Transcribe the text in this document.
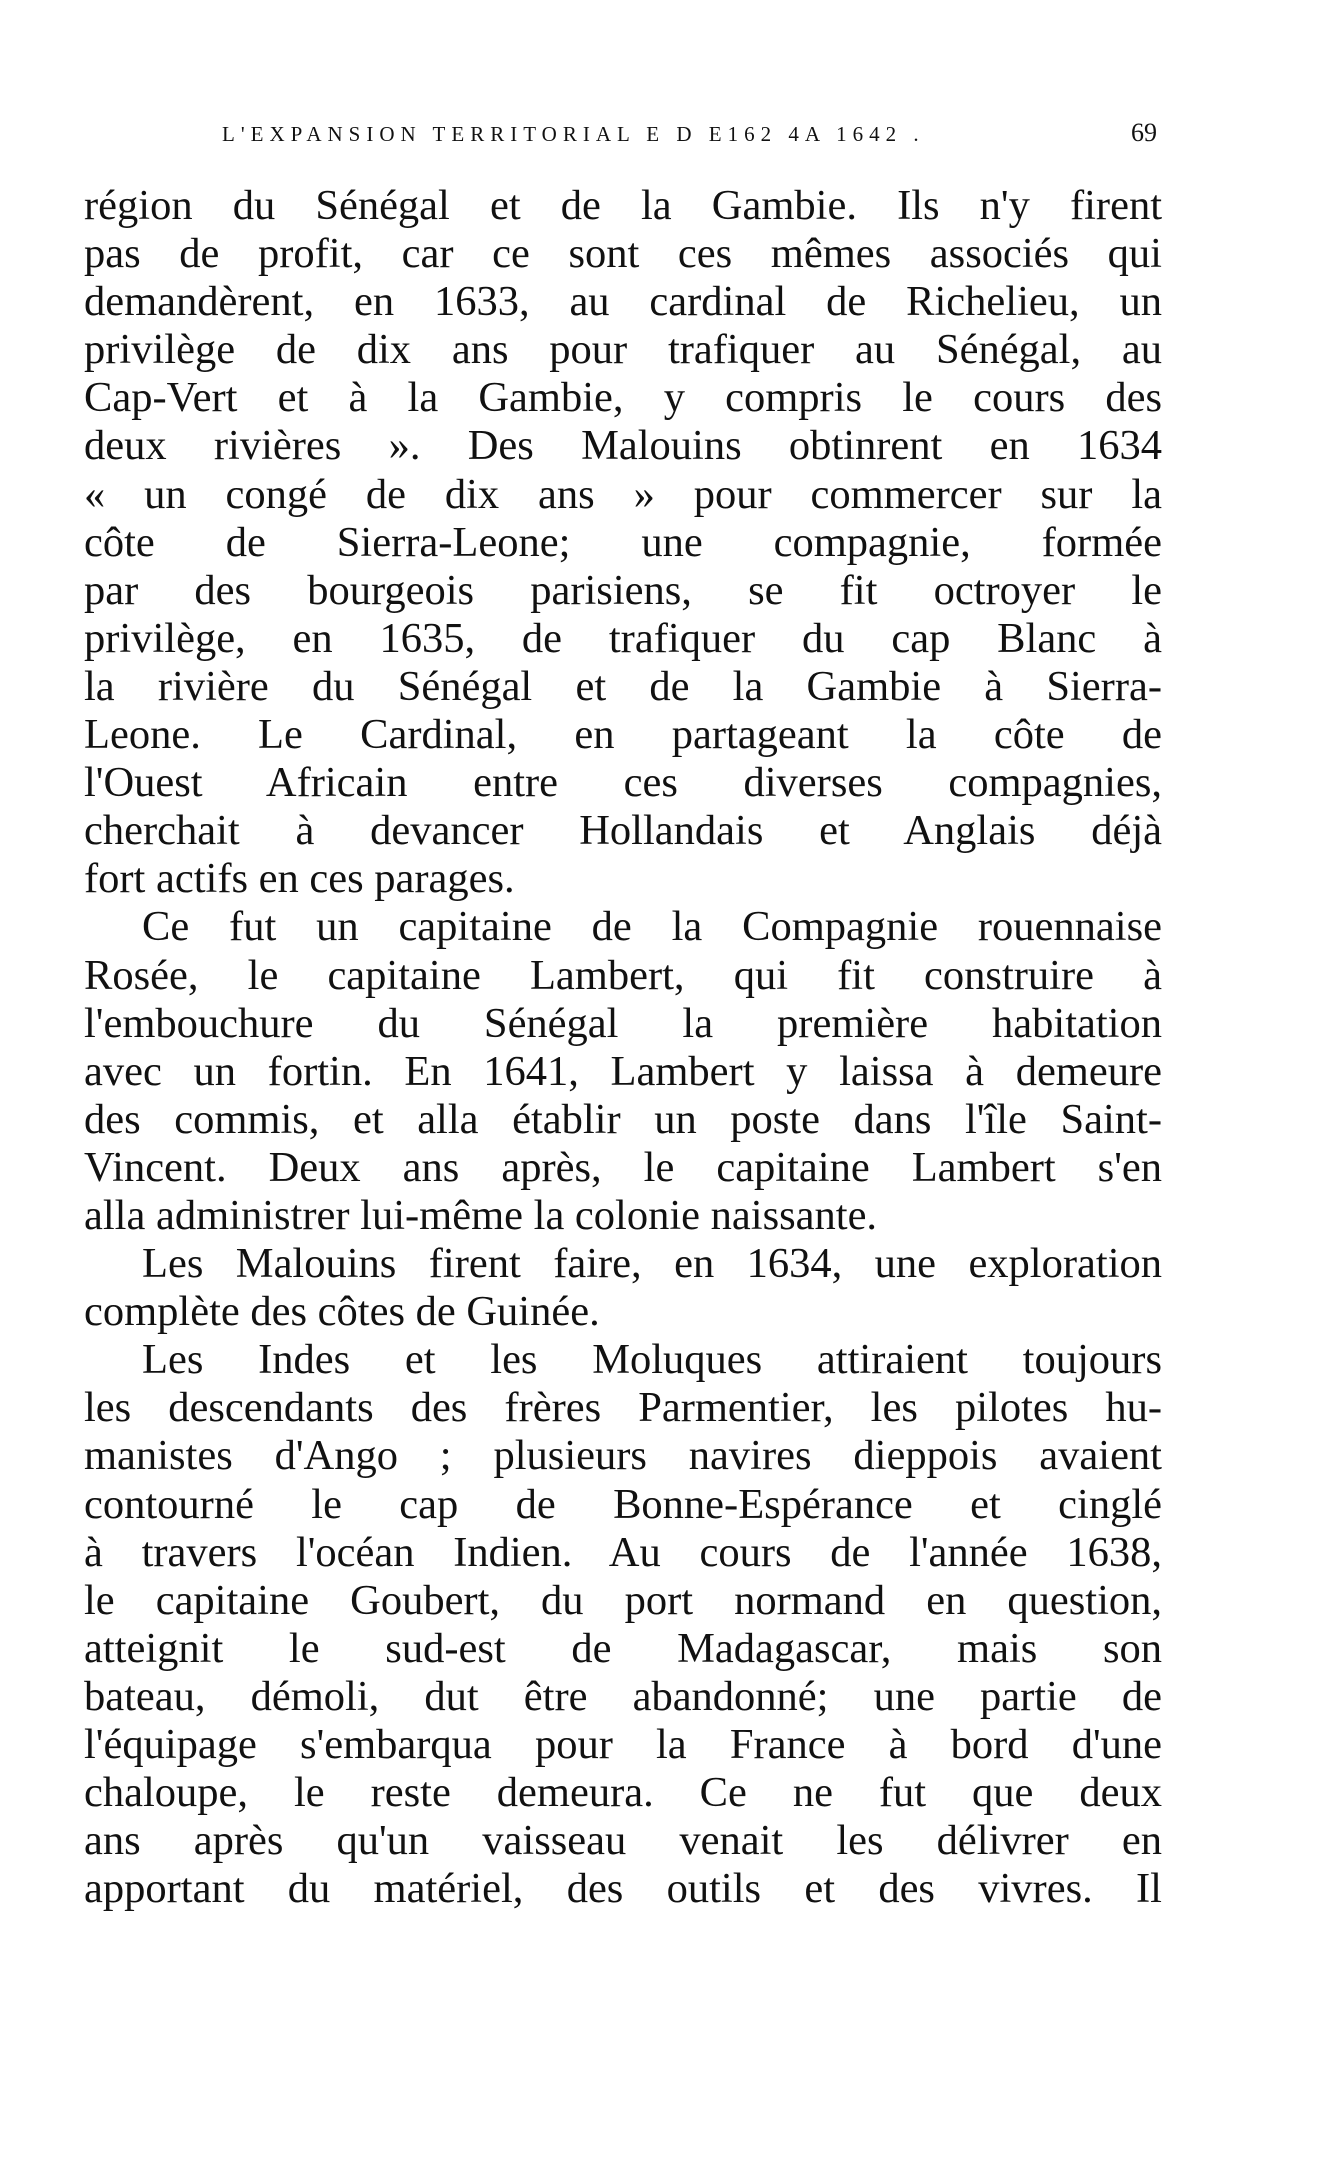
L'EXPANSION TERRITORIAL E D E162 4A 1642 .	69
région du Sénégal et de la Gambie. Ils n'y firent
pas de profit, car ce sont ces mêmes associés qui
demandèrent, en 1633, au cardinal de Richelieu, un
privilège de dix ans pour trafiquer au Sénégal, au
Cap-Vert et à la Gambie, y compris le cours des
deux rivières ». Des Malouins obtinrent en 1634
« un congé de dix ans » pour commercer sur la
côte de Sierra-Leone; une compagnie, formée
par des bourgeois parisiens, se fit octroyer le
privilège, en 1635, de trafiquer du cap Blanc à
la rivière du Sénégal et de la Gambie à Sierra-
Leone. Le Cardinal, en partageant la côte de
l'Ouest Africain entre ces diverses compagnies,
cherchait à devancer Hollandais et Anglais déjà
fort actifs en ces parages.
Ce fut un capitaine de la Compagnie rouennaise
Rosée, le capitaine Lambert, qui fit construire à
l'embouchure du Sénégal la première habitation
avec un fortin. En 1641, Lambert y laissa à demeure
des commis, et alla établir un poste dans l'île Saint-
Vincent. Deux ans après, le capitaine Lambert s'en
alla administrer lui-même la colonie naissante.
Les Malouins firent faire, en 1634, une exploration
complète des côtes de Guinée.
Les Indes et les Moluques attiraient toujours
les descendants des frères Parmentier, les pilotes hu-
manistes d'Ango ; plusieurs navires dieppois avaient
contourné le cap de Bonne-Espérance et cinglé
à travers l'océan Indien. Au cours de l'année 1638,
le capitaine Goubert, du port normand en question,
atteignit le sud-est de Madagascar, mais son
bateau, démoli, dut être abandonné; une partie de
l'équipage s'embarqua pour la France à bord d'une
chaloupe, le reste demeura. Ce ne fut que deux
ans après qu'un vaisseau venait les délivrer en
apportant du matériel, des outils et des vivres. Il
